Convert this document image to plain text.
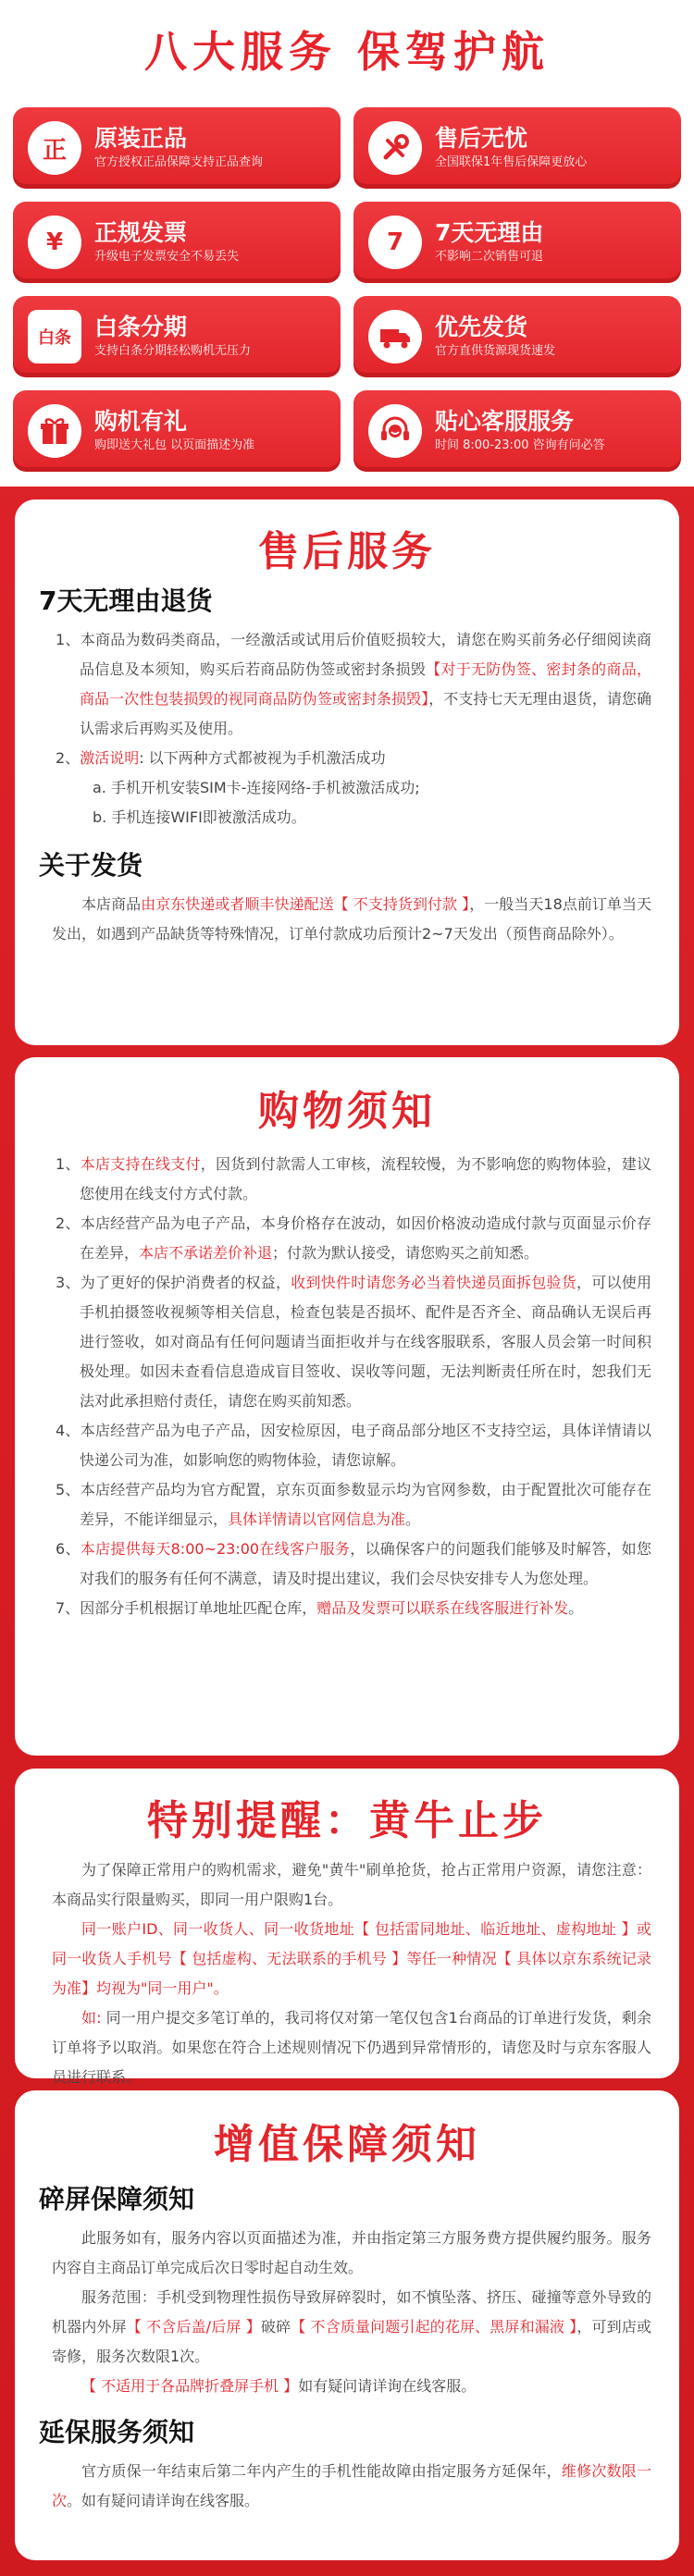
八大服务 保驾护航
正 原装正品
官方授权正品保障支持正品查询
售后无忧
全国联保1年售后保障更放心
¥ 正规发票
升级电子发票安全不易丢失
7 7天无理由
不影响二次销售可退
白条 白条分期
支持白条分期轻松购机无压力
优先发货
官方直供货源现货速发
购机有礼
购即送大礼包 以页面描述为准
贴心客服服务
时间 8:00-23:00 咨询有问必答
售后服务
7天无理由退货
1、本商品为数码类商品，一经激活或试用后价值贬损较大，请您在购买前务必仔细阅读商品信息及本须知，购买后若商品防伪签或密封条损毁【对于无防伪签、密封条的商品，商品一次性包装损毁的视同商品防伪签或密封条损毁】，不支持七天无理由退货，请您确认需求后再购买及使用。
2、激活说明: 以下两种方式都被视为手机激活成功
a. 手机开机安装SIM卡-连接网络-手机被激活成功;
b. 手机连接WIFI即被激活成功。
关于发货
本店商品由京东快递或者顺丰快递配送【 不支持货到付款 】，一般当天18点前订单当天发出，如遇到产品缺货等特殊情况，订单付款成功后预计2~7天发出（预售商品除外）。
购物须知
1、本店支持在线支付，因货到付款需人工审核，流程较慢，为不影响您的购物体验，建议您使用在线支付方式付款。
2、本店经营产品为电子产品，本身价格存在波动，如因价格波动造成付款与页面显示价存在差异，本店不承诺差价补退；付款为默认接受，请您购买之前知悉。
3、为了更好的保护消费者的权益，收到快件时请您务必当着快递员面拆包验货，可以使用手机拍摄签收视频等相关信息，检查包装是否损坏、配件是否齐全、商品确认无误后再进行签收，如对商品有任何问题请当面拒收并与在线客服联系，客服人员会第一时间积极处理。如因未查看信息造成盲目签收、误收等问题，无法判断责任所在时，恕我们无法对此承担赔付责任，请您在购买前知悉。
4、本店经营产品为电子产品，因安检原因，电子商品部分地区不支持空运，具体详情请以快递公司为准，如影响您的购物体验，请您谅解。
5、本店经营产品均为官方配置，京东页面参数显示均为官网参数，由于配置批次可能存在差异，不能详细显示，具体详情请以官网信息为准。
6、本店提供每天8:00~23:00在线客户服务，以确保客户的问题我们能够及时解答，如您对我们的服务有任何不满意，请及时提出建议，我们会尽快安排专人为您处理。
7、因部分手机根据订单地址匹配仓库，赠品及发票可以联系在线客服进行补发。
特别提醒：黄牛止步
为了保障正常用户的购机需求，避免"黄牛"刷单抢货，抢占正常用户资源，请您注意：本商品实行限量购买，即同一用户限购1台。
同一账户ID、同一收货人、同一收货地址【 包括雷同地址、临近地址、虚构地址 】或同一收货人手机号【 包括虚构、无法联系的手机号 】等任一种情况【 具体以京东系统记录为准】均视为"同一用户"。
如: 同一用户提交多笔订单的，我司将仅对第一笔仅包含1台商品的订单进行发货，剩余订单将予以取消。如果您在符合上述规则情况下仍遇到异常情形的，请您及时与京东客服人员进行联系。
增值保障须知
碎屏保障须知
此服务如有，服务内容以页面描述为准，并由指定第三方服务费方提供履约服务。服务内容自主商品订单完成后次日零时起自动生效。
服务范围：手机受到物理性损伤导致屏碎裂时，如不慎坠落、挤压、碰撞等意外导致的机器内外屏【 不含后盖/后屏 】破碎【 不含质量问题引起的花屏、黑屏和漏液 】，可到店或寄修，服务次数限1次。
【 不适用于各品牌折叠屏手机 】如有疑问请详询在线客服。
延保服务须知
官方质保一年结束后第二年内产生的手机性能故障由指定服务方延保年，维修次数限一次。如有疑问请详询在线客服。
